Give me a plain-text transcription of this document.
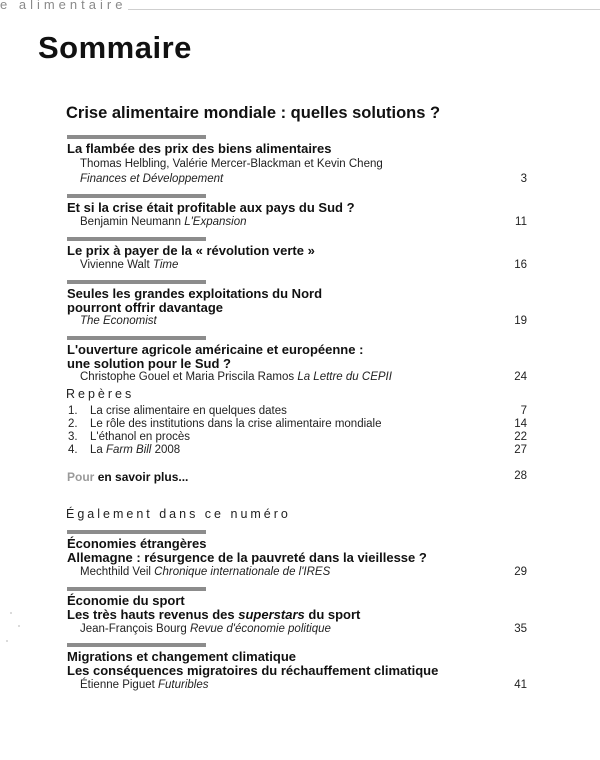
e alimentaire
Sommaire
Crise alimentaire mondiale : quelles solutions ?
La flambée des prix des biens alimentaires
Thomas Helbling, Valérie Mercer-Blackman et Kevin Cheng
Finances et Développement	3
Et si la crise était profitable aux pays du Sud ?
Benjamin Neumann L'Expansion	11
Le prix à payer de la « révolution verte »
Vivienne Walt Time	16
Seules les grandes exploitations du Nord
pourront offrir davantage
The Economist	19
L'ouverture agricole américaine et européenne :
une solution pour le Sud ?
Christophe Gouel et Maria Priscila Ramos La Lettre du CEPII	24
Repères
1. La crise alimentaire en quelques dates	7
2. Le rôle des institutions dans la crise alimentaire mondiale	14
3. L'éthanol en procès	22
4. La Farm Bill 2008	27
Pour en savoir plus...	28
Également dans ce numéro
Économies étrangères
Allemagne : résurgence de la pauvreté dans la vieillesse ?
Mechthild Veil Chronique internationale de l'IRES	29
Économie du sport
Les très hauts revenus des superstars du sport
Jean-François Bourg Revue d'économie politique	35
Migrations et changement climatique
Les conséquences migratoires du réchauffement climatique
Étienne Piguet Futuribles	41
